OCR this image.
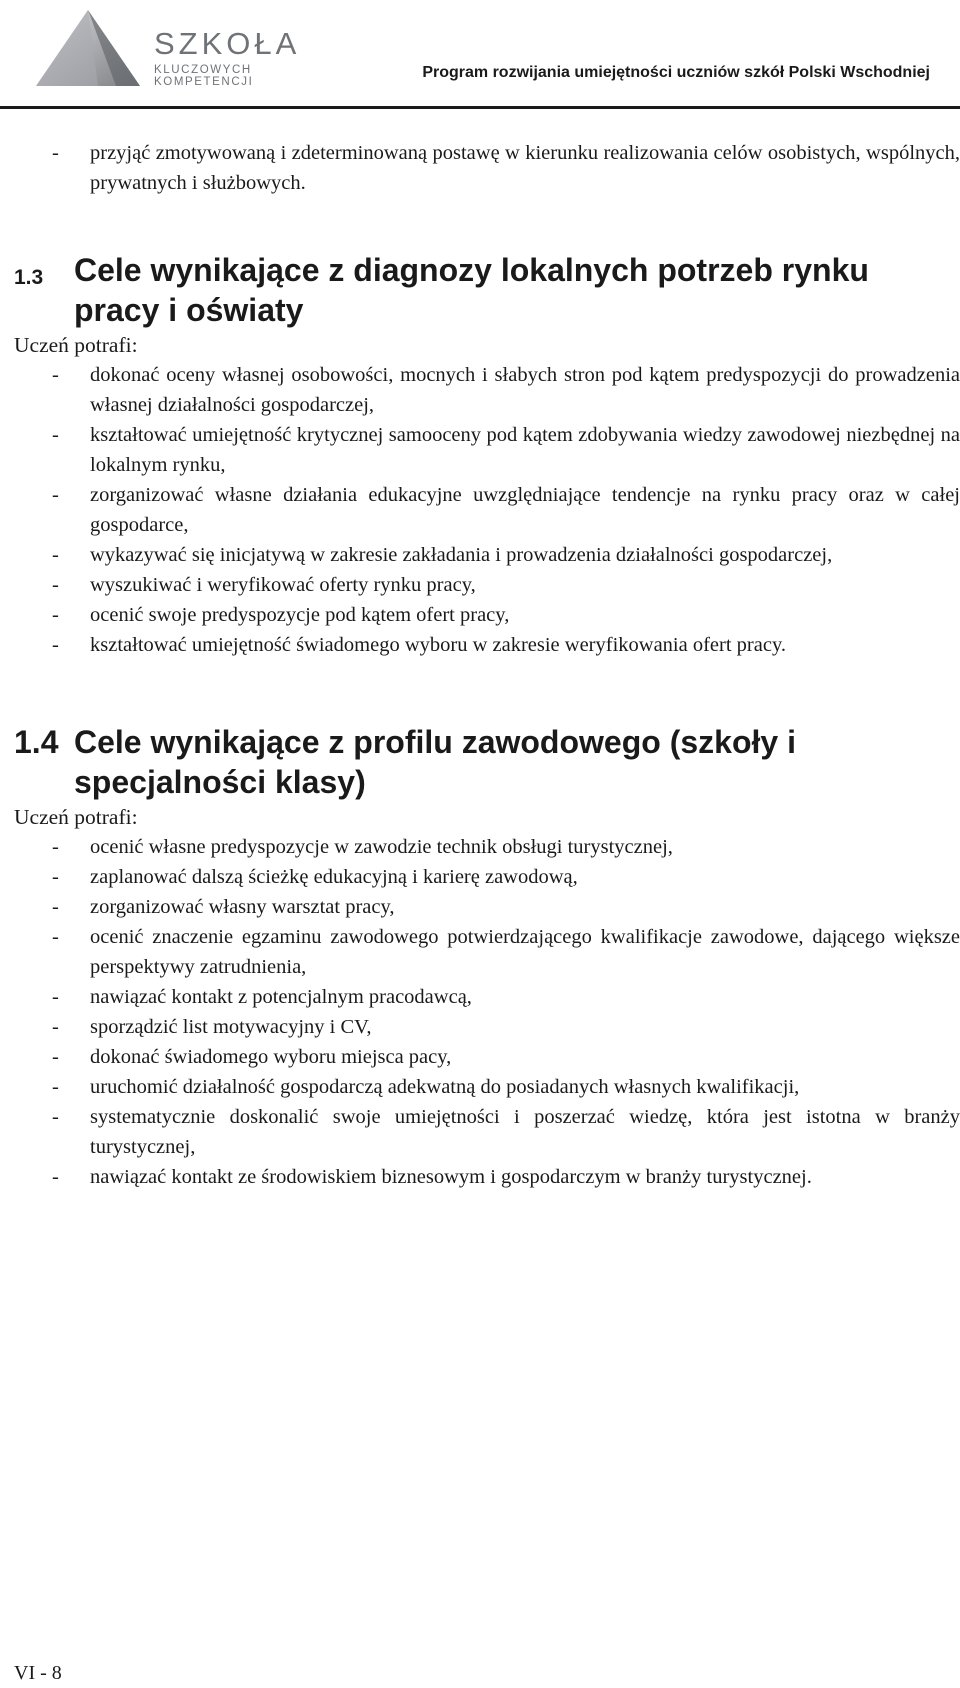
SZKOŁA
KLUCZOWYCH KOMPETENCJI
Program rozwijania umiejętności uczniów szkół Polski Wschodniej
- przyjąć zmotywowaną i zdeterminowaną postawę w kierunku realizowania celów osobistych, wspólnych, prywatnych i służbowych.
1.3 Cele wynikające z diagnozy lokalnych potrzeb rynku pracy i oświaty
Uczeń potrafi:
- dokonać oceny własnej osobowości, mocnych i słabych stron pod kątem predyspozycji do prowadzenia własnej działalności gospodarczej,
- kształtować umiejętność krytycznej samooceny pod kątem zdobywania wiedzy zawodowej niezbędnej na lokalnym rynku,
- zorganizować własne działania edukacyjne uwzględniające tendencje na rynku pracy oraz w całej gospodarce,
- wykazywać się inicjatywą w zakresie zakładania i prowadzenia działalności gospodarczej,
- wyszukiwać i weryfikować oferty rynku pracy,
- ocenić swoje predyspozycje pod kątem ofert pracy,
- kształtować umiejętność świadomego wyboru w zakresie weryfikowania ofert pracy.
1.4 Cele wynikające z profilu zawodowego (szkoły i specjalności klasy)
Uczeń potrafi:
- ocenić własne predyspozycje w zawodzie technik obsługi turystycznej,
- zaplanować dalszą ścieżkę edukacyjną i karierę zawodową,
- zorganizować własny warsztat pracy,
- ocenić znaczenie egzaminu zawodowego potwierdzającego kwalifikacje zawodowe, dającego większe perspektywy zatrudnienia,
- nawiązać kontakt z potencjalnym pracodawcą,
- sporządzić list motywacyjny i CV,
- dokonać świadomego wyboru miejsca pacy,
- uruchomić działalność gospodarczą adekwatną do posiadanych własnych kwalifikacji,
- systematycznie doskonalić swoje umiejętności i poszerzać wiedzę, która jest istotna w branży turystycznej,
- nawiązać kontakt ze środowiskiem biznesowym i gospodarczym w branży turystycznej.
VI - 8
